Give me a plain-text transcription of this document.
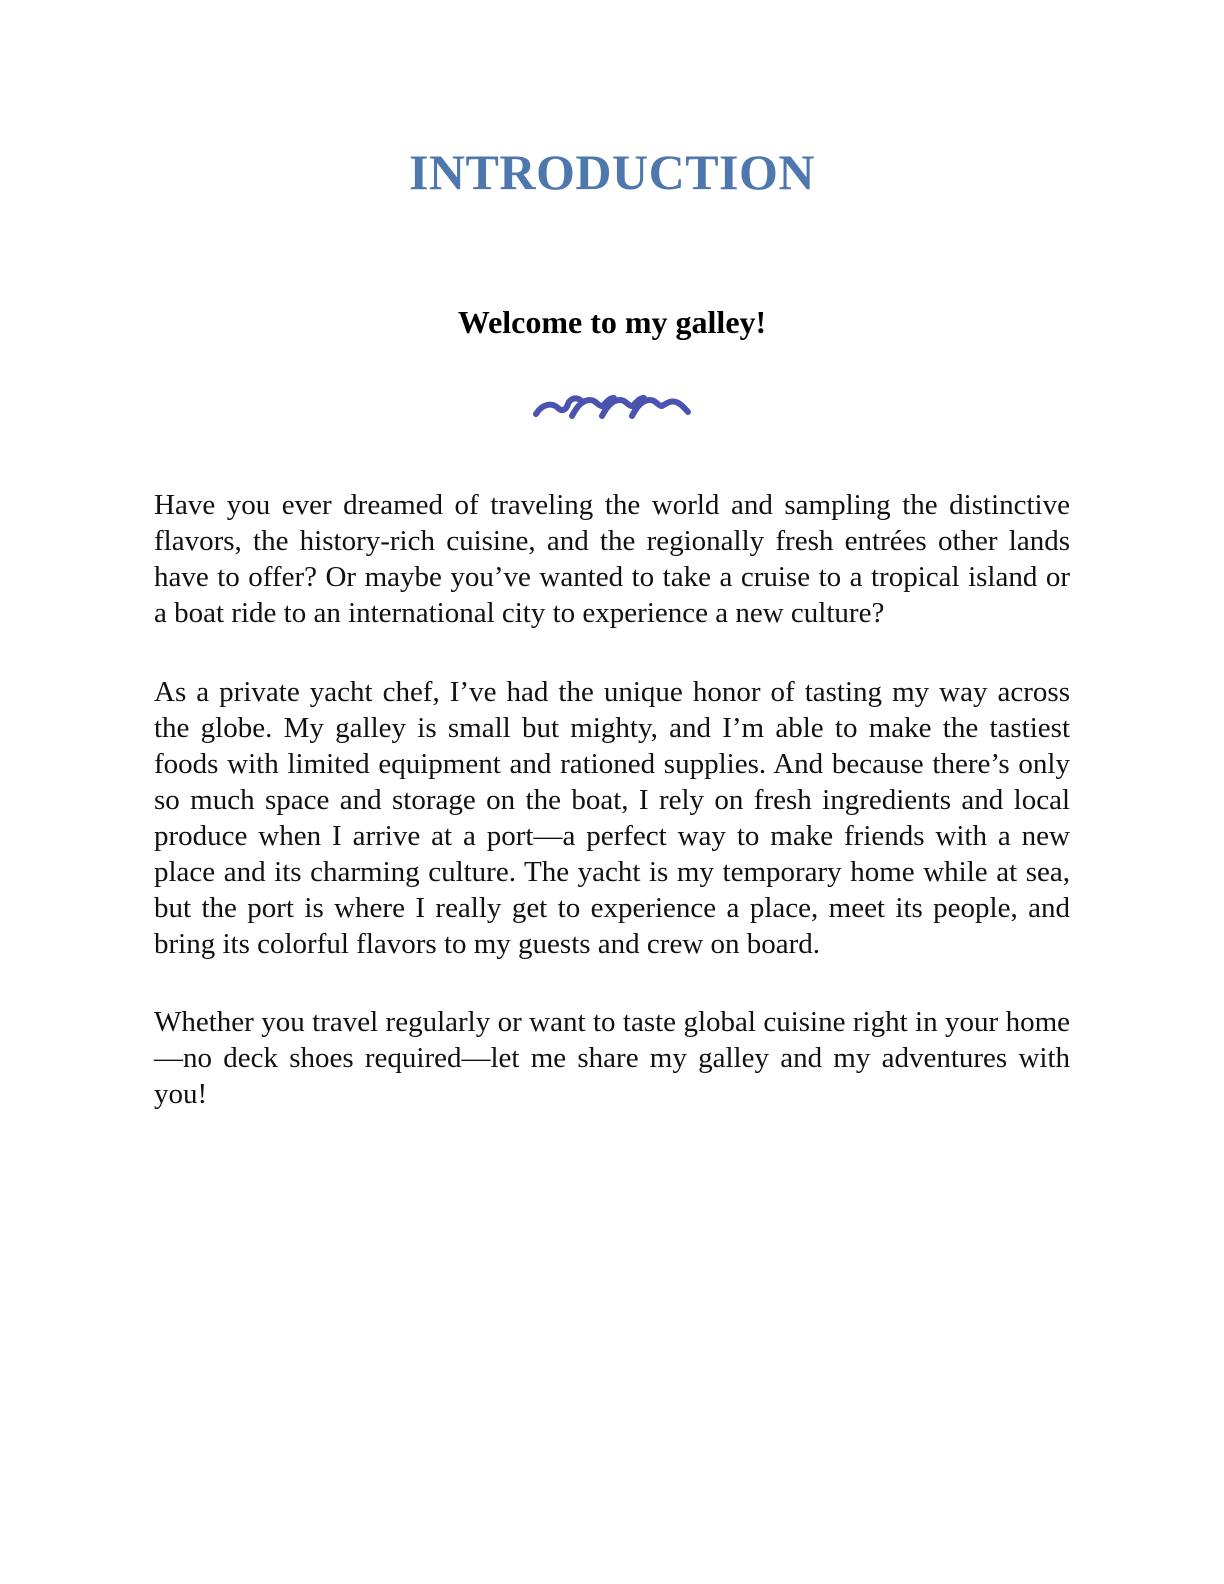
INTRODUCTION
Welcome to my galley!

Have you ever dreamed of traveling the world and sampling the distinctive flavors, the history-rich cuisine, and the regionally fresh entrées other lands have to offer? Or maybe you’ve wanted to take a cruise to a tropical island or a boat ride to an international city to experience a new culture?

As a private yacht chef, I’ve had the unique honor of tasting my way across the globe. My galley is small but mighty, and I’m able to make the tastiest foods with limited equipment and rationed supplies. And because there’s only so much space and storage on the boat, I rely on fresh ingredients and local produce when I arrive at a port—a perfect way to make friends with a new place and its charming culture. The yacht is my temporary home while at sea, but the port is where I really get to experience a place, meet its people, and bring its colorful flavors to my guests and crew on board.

Whether you travel regularly or want to taste global cuisine right in your home—no deck shoes required—let me share my galley and my adventures with you!
